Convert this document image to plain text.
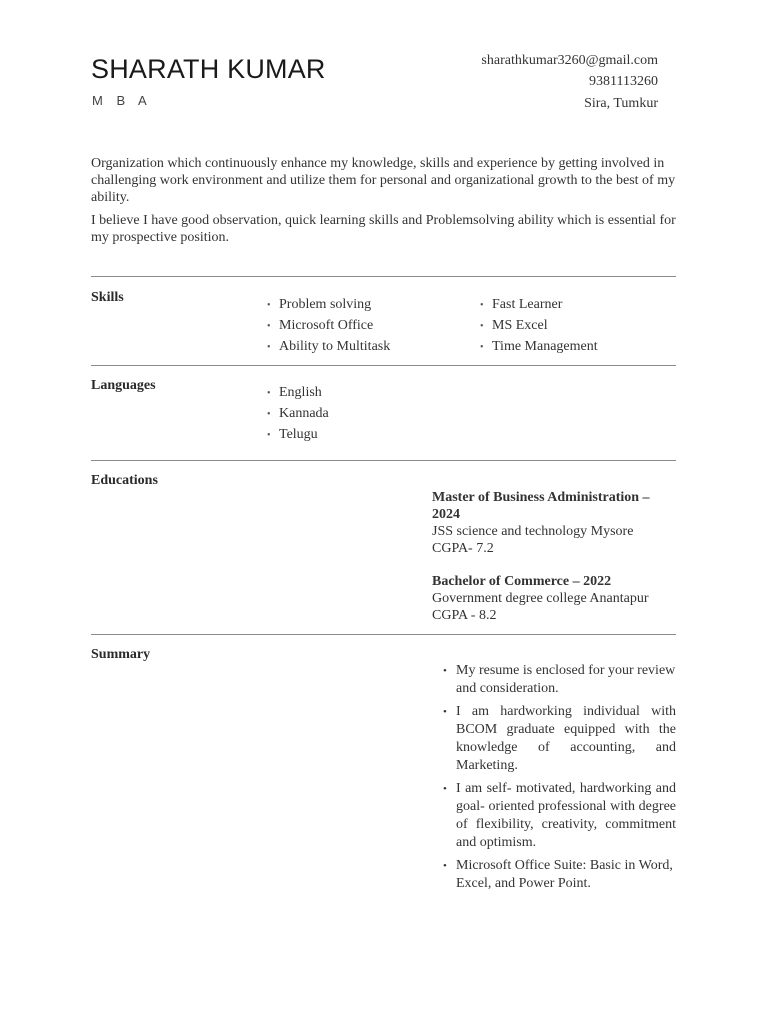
SHARATH KUMAR
M B A
sharathkumar3260@gmail.com
9381113260
Sira, Tumkur

Organization which continuously enhance my knowledge, skills and experience by getting involved in challenging work environment and utilize them for personal and organizational growth to the best of my ability.

I believe I have good observation, quick learning skills and Problemsolving ability which is essential for my prospective position.

Skills
• Problem solving
• Microsoft Office
• Ability to Multitask
• Fast Learner
• MS Excel
• Time Management
Languages
• English
• Kannada
• Telugu
Educations
Master of Business Administration – 2024
JSS science and technology Mysore
CGPA- 7.2
Bachelor of Commerce – 2022
Government degree college Anantapur
CGPA - 8.2
Summary
• My resume is enclosed for your review and consideration.
• I am hardworking individual with BCOM graduate equipped with the knowledge of accounting, and Marketing.
• I am self- motivated, hardworking and goal- oriented professional with degree of flexibility, creativity, commitment and optimism.
• Microsoft Office Suite: Basic in Word, Excel, and Power Point.
